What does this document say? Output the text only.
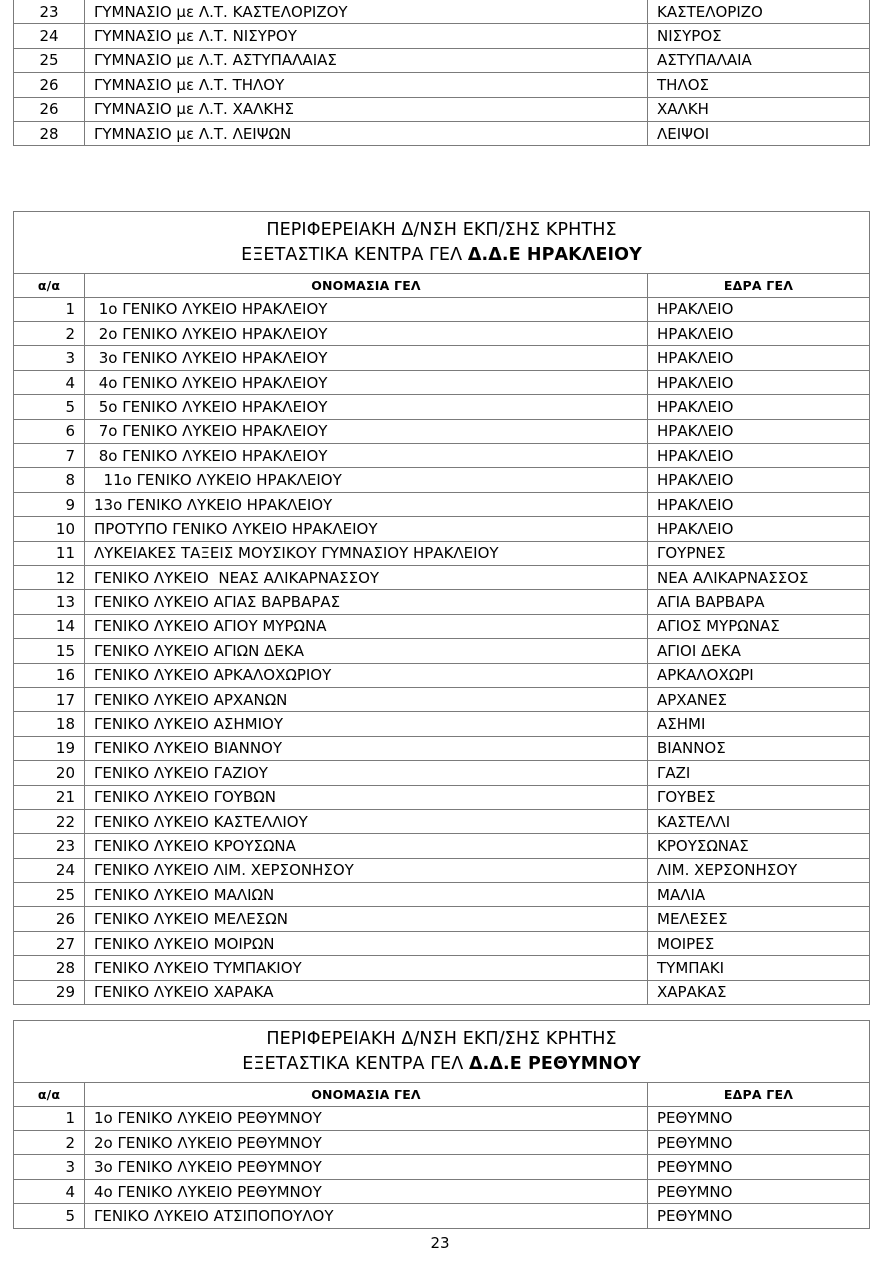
23	ΓΥΜΝΑΣΙΟ με Λ.Τ. ΚΑΣΤΕΛΟΡΙΖΟΥ	ΚΑΣΤΕΛΟΡΙΖΟ
24	ΓΥΜΝΑΣΙΟ με Λ.Τ. ΝΙΣΥΡΟΥ	ΝΙΣΥΡΟΣ
25	ΓΥΜΝΑΣΙΟ με Λ.Τ. ΑΣΤΥΠΑΛΑΙΑΣ	ΑΣΤΥΠΑΛΑΙΑ
26	ΓΥΜΝΑΣΙΟ με Λ.Τ. ΤΗΛΟΥ	ΤΗΛΟΣ
26	ΓΥΜΝΑΣΙΟ με Λ.Τ. ΧΑΛΚΗΣ	ΧΑΛΚΗ
28	ΓΥΜΝΑΣΙΟ με Λ.Τ. ΛΕΙΨΩΝ	ΛΕΙΨΟΙ
ΠΕΡΙΦΕΡΕΙΑΚΗ Δ/ΝΣΗ ΕΚΠ/ΣΗΣ ΚΡΗΤΗΣ
ΕΞΕΤΑΣΤΙΚΑ ΚΕΝΤΡΑ ΓΕΛ Δ.Δ.Ε ΗΡΑΚΛΕΙΟΥ		

α/α	ΟΝΟΜΑΣΙΑ ΓΕΛ	ΕΔΡΑ ΓΕΛ
1	1ο ΓΕΝΙΚΟ ΛΥΚΕΙΟ ΗΡΑΚΛΕΙΟΥ	ΗΡΑΚΛΕΙΟ
2	2ο ΓΕΝΙΚΟ ΛΥΚΕΙΟ ΗΡΑΚΛΕΙΟΥ	ΗΡΑΚΛΕΙΟ
3	3ο ΓΕΝΙΚΟ ΛΥΚΕΙΟ ΗΡΑΚΛΕΙΟΥ	ΗΡΑΚΛΕΙΟ
4	4ο ΓΕΝΙΚΟ ΛΥΚΕΙΟ ΗΡΑΚΛΕΙΟΥ	ΗΡΑΚΛΕΙΟ
5	5ο ΓΕΝΙΚΟ ΛΥΚΕΙΟ ΗΡΑΚΛΕΙΟΥ	ΗΡΑΚΛΕΙΟ
6	7ο ΓΕΝΙΚΟ ΛΥΚΕΙΟ ΗΡΑΚΛΕΙΟΥ	ΗΡΑΚΛΕΙΟ
7	8ο ΓΕΝΙΚΟ ΛΥΚΕΙΟ ΗΡΑΚΛΕΙΟΥ	ΗΡΑΚΛΕΙΟ
8	11ο ΓΕΝΙΚΟ ΛΥΚΕΙΟ ΗΡΑΚΛΕΙΟΥ	ΗΡΑΚΛΕΙΟ
9	13ο ΓΕΝΙΚΟ ΛΥΚΕΙΟ ΗΡΑΚΛΕΙΟΥ	ΗΡΑΚΛΕΙΟ
10	ΠΡΟΤΥΠΟ ΓΕΝΙΚΟ ΛΥΚΕΙΟ ΗΡΑΚΛΕΙΟΥ	ΗΡΑΚΛΕΙΟ
11	ΛΥΚΕΙΑΚΕΣ ΤΑΞΕΙΣ ΜΟΥΣΙΚΟΥ ΓΥΜΝΑΣΙΟΥ ΗΡΑΚΛΕΙΟΥ	ΓΟΥΡΝΕΣ
12	ΓΕΝΙΚΟ ΛΥΚΕΙΟ  ΝΕΑΣ ΑΛΙΚΑΡΝΑΣΣΟΥ	ΝΕΑ ΑΛΙΚΑΡΝΑΣΣΟΣ
13	ΓΕΝΙΚΟ ΛΥΚΕΙΟ ΑΓΙΑΣ ΒΑΡΒΑΡΑΣ	ΑΓΙΑ ΒΑΡΒΑΡΑ
14	ΓΕΝΙΚΟ ΛΥΚΕΙΟ ΑΓΙΟΥ ΜΥΡΩΝΑ	ΑΓΙΟΣ ΜΥΡΩΝΑΣ
15	ΓΕΝΙΚΟ ΛΥΚΕΙΟ ΑΓΙΩΝ ΔΕΚΑ	ΑΓΙΟΙ ΔΕΚΑ
16	ΓΕΝΙΚΟ ΛΥΚΕΙΟ ΑΡΚΑΛΟΧΩΡΙΟΥ	ΑΡΚΑΛΟΧΩΡΙ
17	ΓΕΝΙΚΟ ΛΥΚΕΙΟ ΑΡΧΑΝΩΝ	ΑΡΧΑΝΕΣ
18	ΓΕΝΙΚΟ ΛΥΚΕΙΟ ΑΣΗΜΙΟΥ	ΑΣΗΜΙ
19	ΓΕΝΙΚΟ ΛΥΚΕΙΟ ΒΙΑΝΝΟΥ	ΒΙΑΝΝΟΣ
20	ΓΕΝΙΚΟ ΛΥΚΕΙΟ ΓΑΖΙΟΥ	ΓΑΖΙ
21	ΓΕΝΙΚΟ ΛΥΚΕΙΟ ΓΟΥΒΩΝ	ΓΟΥΒΕΣ
22	ΓΕΝΙΚΟ ΛΥΚΕΙΟ ΚΑΣΤΕΛΛΙΟΥ	ΚΑΣΤΕΛΛΙ
23	ΓΕΝΙΚΟ ΛΥΚΕΙΟ ΚΡΟΥΣΩΝΑ	ΚΡΟΥΣΩΝΑΣ
24	ΓΕΝΙΚΟ ΛΥΚΕΙΟ ΛΙΜ. ΧΕΡΣΟΝΗΣΟΥ	ΛΙΜ. ΧΕΡΣΟΝΗΣΟΥ
25	ΓΕΝΙΚΟ ΛΥΚΕΙΟ ΜΑΛΙΩΝ	ΜΑΛΙΑ
26	ΓΕΝΙΚΟ ΛΥΚΕΙΟ ΜΕΛΕΣΩΝ	ΜΕΛΕΣΕΣ
27	ΓΕΝΙΚΟ ΛΥΚΕΙΟ ΜΟΙΡΩΝ	ΜΟΙΡΕΣ
28	ΓΕΝΙΚΟ ΛΥΚΕΙΟ ΤΥΜΠΑΚΙΟΥ	ΤΥΜΠΑΚΙ
29	ΓΕΝΙΚΟ ΛΥΚΕΙΟ ΧΑΡΑΚΑ	ΧΑΡΑΚΑΣ
ΠΕΡΙΦΕΡΕΙΑΚΗ Δ/ΝΣΗ ΕΚΠ/ΣΗΣ ΚΡΗΤΗΣ
ΕΞΕΤΑΣΤΙΚΑ ΚΕΝΤΡΑ ΓΕΛ Δ.Δ.Ε ΡΕΘΥΜΝΟΥ		

α/α	ΟΝΟΜΑΣΙΑ ΓΕΛ	ΕΔΡΑ ΓΕΛ
1	1ο ΓΕΝΙΚΟ ΛΥΚΕΙΟ ΡΕΘΥΜΝΟΥ	ΡΕΘΥΜΝΟ
2	2ο ΓΕΝΙΚΟ ΛΥΚΕΙΟ ΡΕΘΥΜΝΟΥ	ΡΕΘΥΜΝΟ
3	3ο ΓΕΝΙΚΟ ΛΥΚΕΙΟ ΡΕΘΥΜΝΟΥ	ΡΕΘΥΜΝΟ
4	4ο ΓΕΝΙΚΟ ΛΥΚΕΙΟ ΡΕΘΥΜΝΟΥ	ΡΕΘΥΜΝΟ
5	ΓΕΝΙΚΟ ΛΥΚΕΙΟ ΑΤΣΙΠΟΠΟΥΛΟΥ	ΡΕΘΥΜΝΟ
23
